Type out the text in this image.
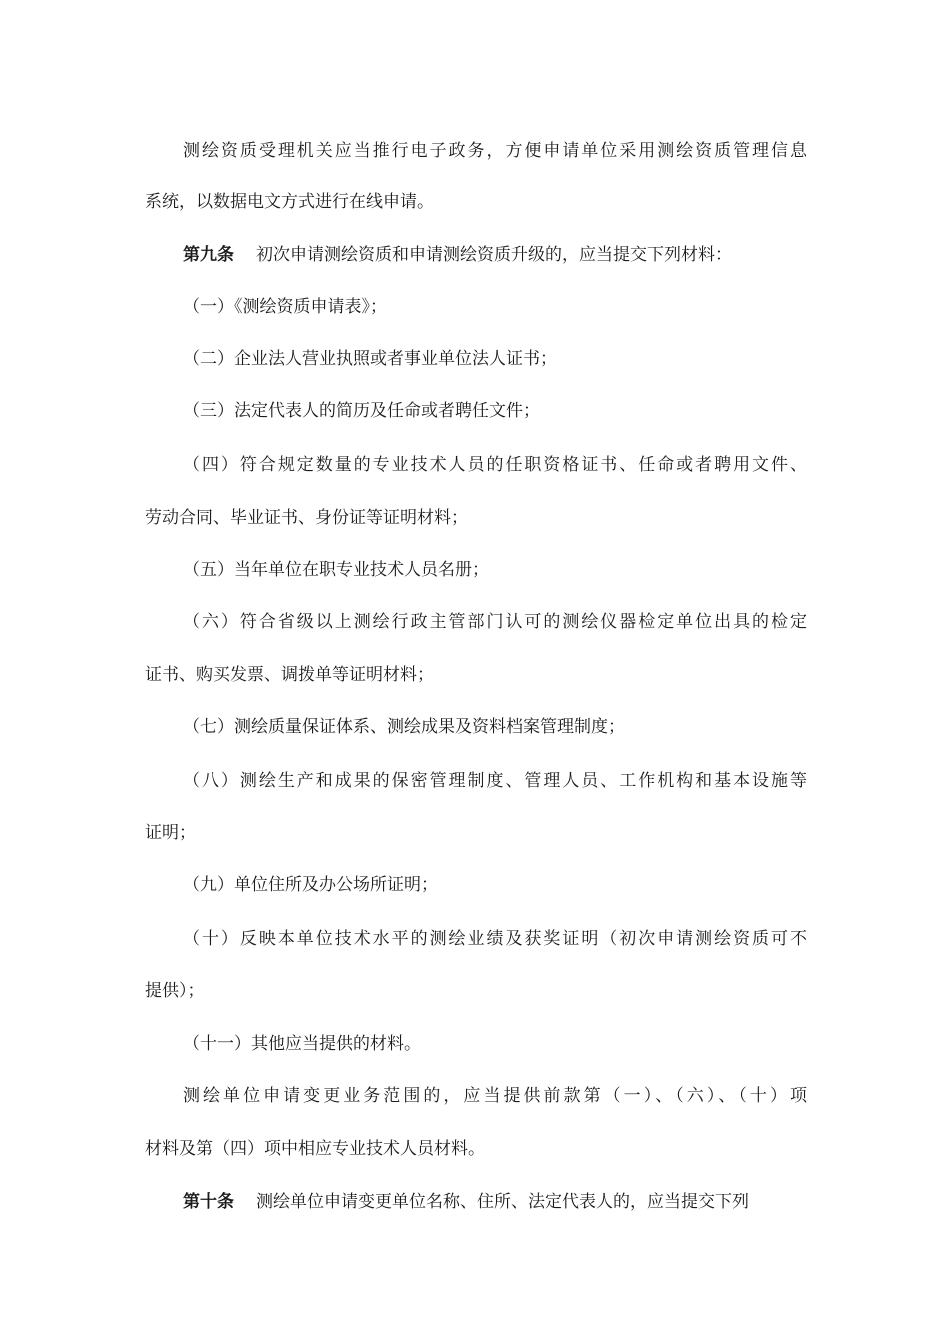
测绘资质受理机关应当推行电子政务，方便申请单位采用测绘资质管理信息
系统，以数据电文方式进行在线申请。
第九条 初次申请测绘资质和申请测绘资质升级的，应当提交下列材料：
（一）《测绘资质申请表》；
（二）企业法人营业执照或者事业单位法人证书；
（三）法定代表人的简历及任命或者聘任文件；
（四）符合规定数量的专业技术人员的任职资格证书、任命或者聘用文件、
劳动合同、毕业证书、身份证等证明材料；
（五）当年单位在职专业技术人员名册；
（六）符合省级以上测绘行政主管部门认可的测绘仪器检定单位出具的检定
证书、购买发票、调拨单等证明材料；
（七）测绘质量保证体系、测绘成果及资料档案管理制度；
（八）测绘生产和成果的保密管理制度、管理人员、工作机构和基本设施等
证明；
（九）单位住所及办公场所证明；
（十）反映本单位技术水平的测绘业绩及获奖证明（初次申请测绘资质可不
提供）；
（十一）其他应当提供的材料。
测绘单位申请变更业务范围的，应当提供前款第（一）、（六）、（十）项
材料及第（四）项中相应专业技术人员材料。
第十条 测绘单位申请变更单位名称、住所、法定代表人的，应当提交下列
